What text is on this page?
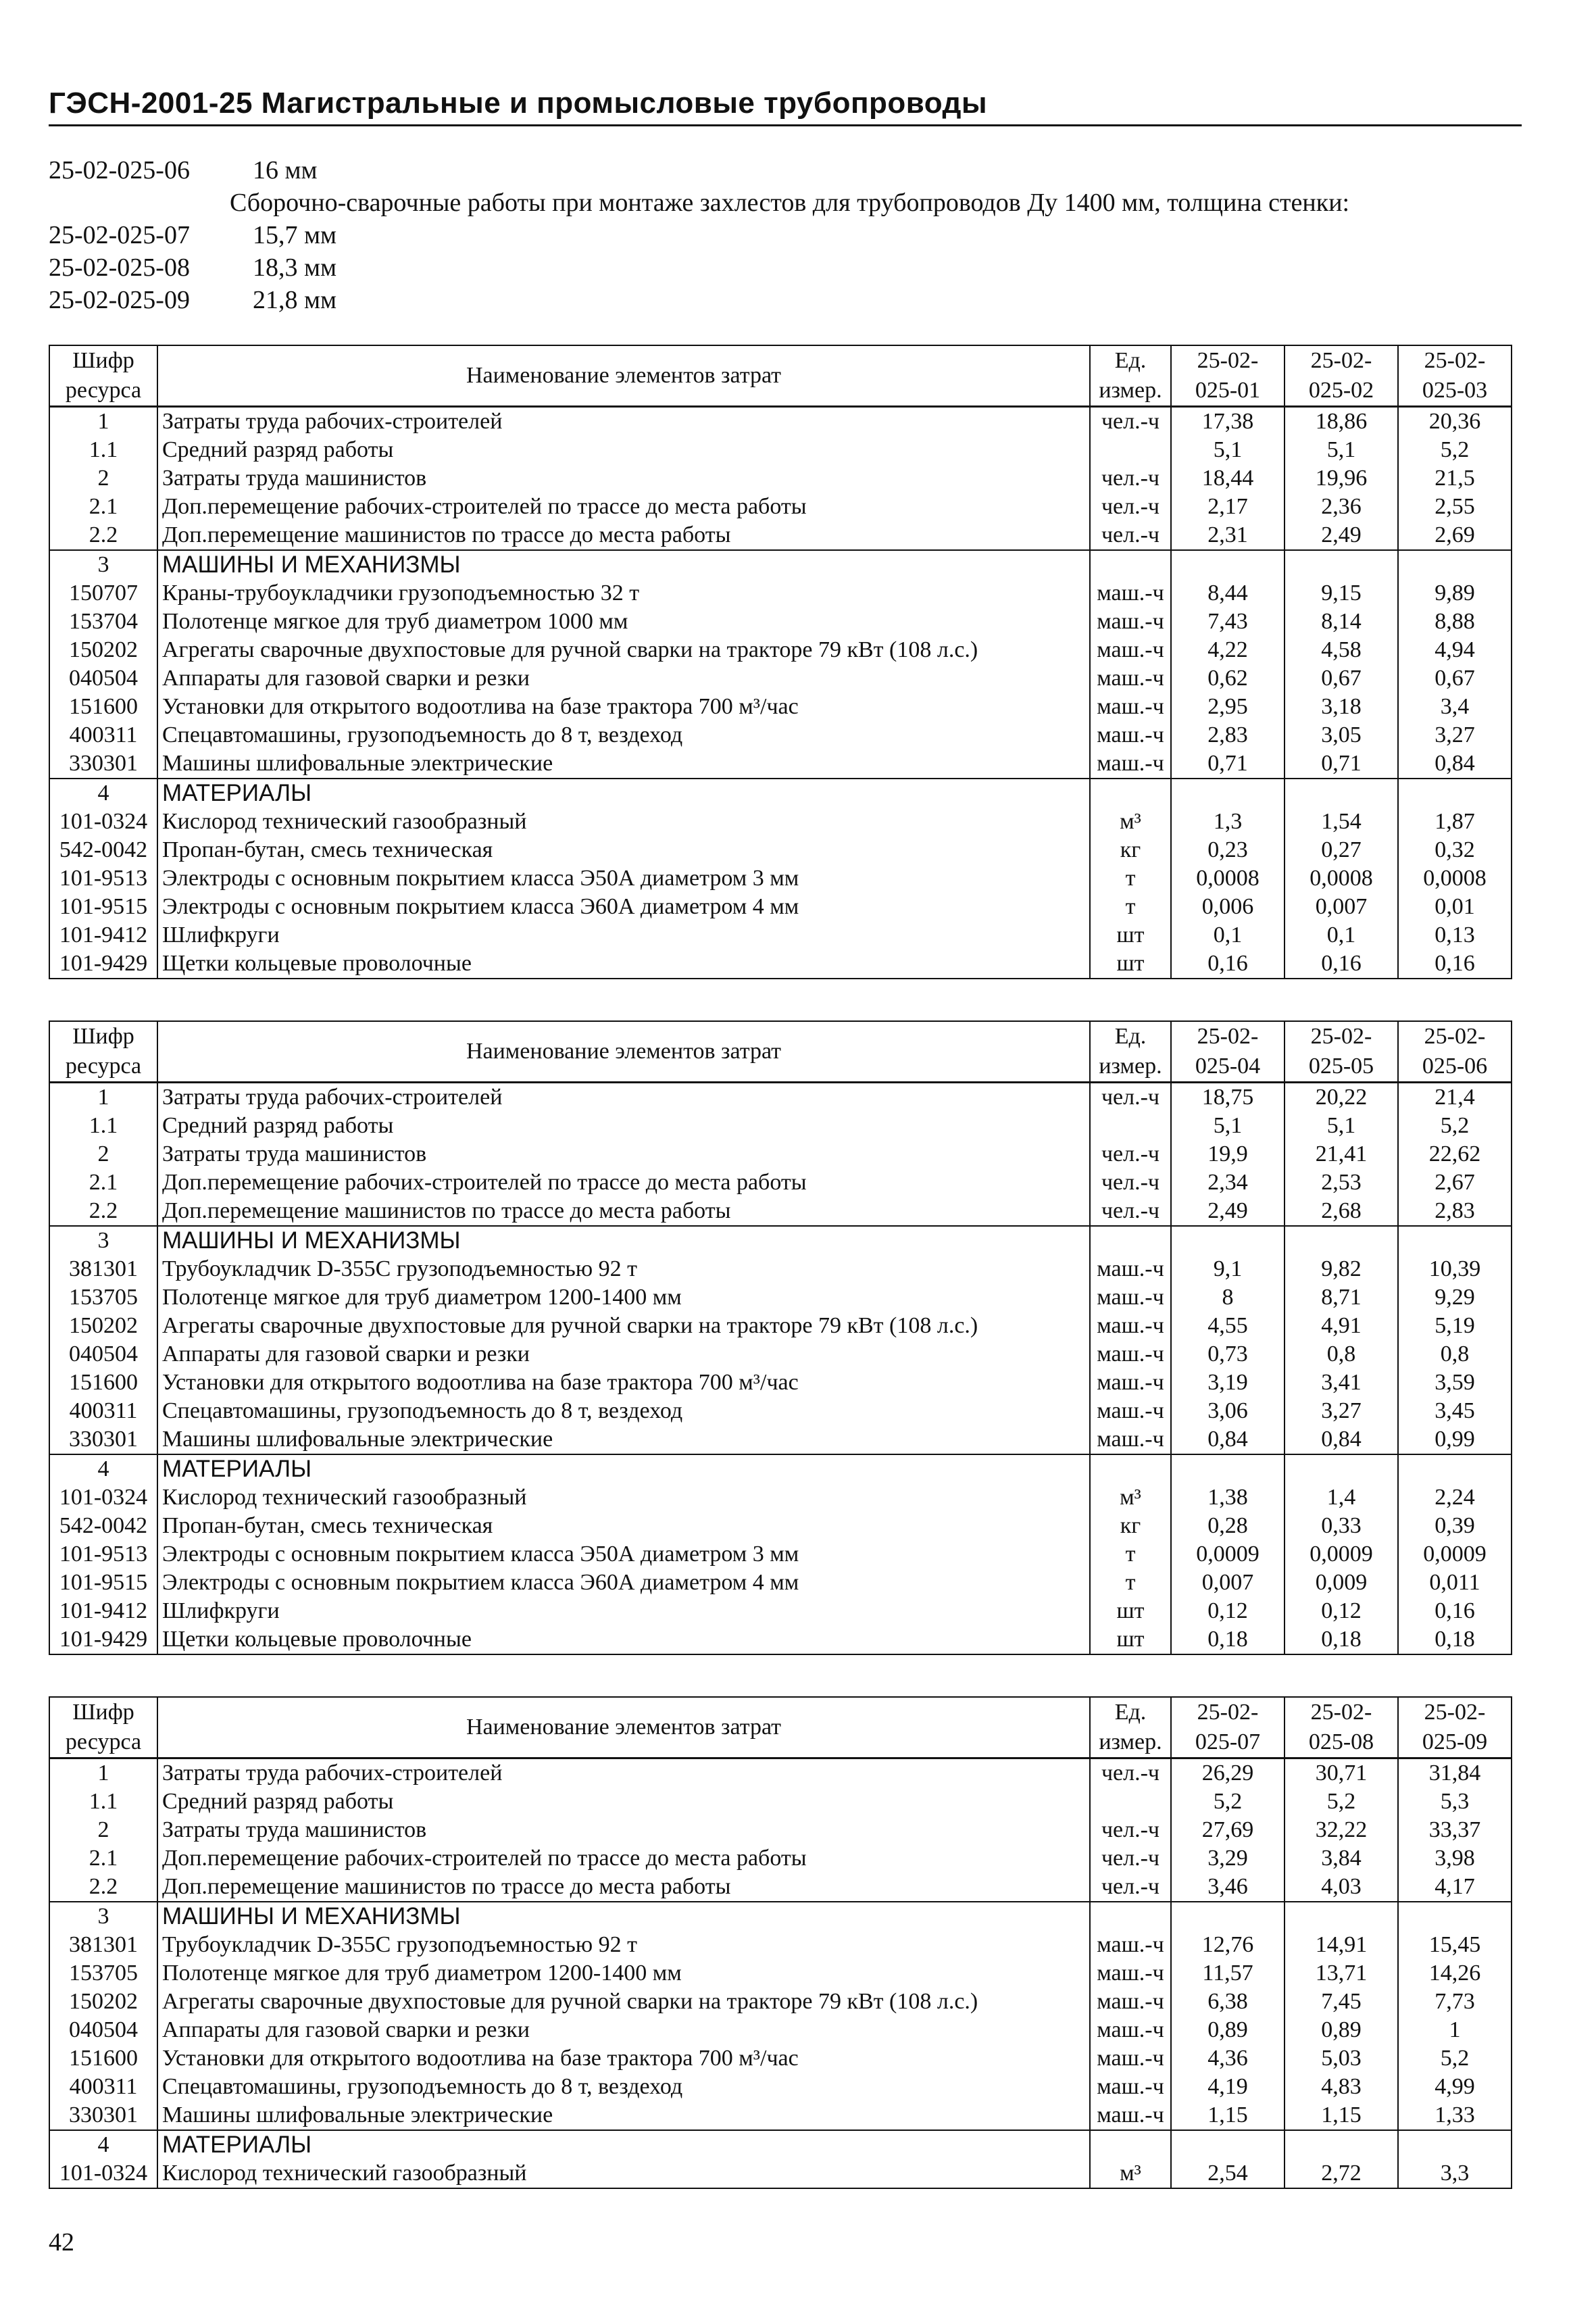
ГЭСН-2001-25 Магистральные и промысловые трубопроводы
25-02-025-06 16 мм
Сборочно-сварочные работы при монтаже захлестов для трубопроводов Ду 1400 мм, толщина стенки:
25-02-025-07 15,7 мм
25-02-025-08 18,3 мм
25-02-025-09 21,8 мм
Шифр	Наименование элементов затрат	Ед.	25-02-	25-02-	25-02-
ресурса		измер.	025-01	025-02	025-03
1	Затраты труда рабочих-строителей	чел.-ч	17,38	18,86	20,36
1.1	Средний разряд работы		5,1	5,1	5,2
2	Затраты труда машинистов	чел.-ч	18,44	19,96	21,5
2.1	Доп.перемещение рабочих-строителей по трассе до места работы	чел.-ч	2,17	2,36	2,55
2.2	Доп.перемещение машинистов по трассе до места работы	чел.-ч	2,31	2,49	2,69
3	МАШИНЫ И МЕХАНИЗМЫ				
150707	Краны-трубоукладчики грузоподъемностью 32 т	маш.-ч	8,44	9,15	9,89
153704	Полотенце мягкое для труб диаметром 1000 мм	маш.-ч	7,43	8,14	8,88
150202	Агрегаты сварочные двухпостовые для ручной сварки на тракторе 79 кВт (108 л.с.)	маш.-ч	4,22	4,58	4,94
040504	Аппараты для газовой сварки и резки	маш.-ч	0,62	0,67	0,67
151600	Установки для открытого водоотлива на базе трактора 700 м³/час	маш.-ч	2,95	3,18	3,4
400311	Спецавтомашины, грузоподъемность до 8 т, вездеход	маш.-ч	2,83	3,05	3,27
330301	Машины шлифовальные электрические	маш.-ч	0,71	0,71	0,84
4	МАТЕРИАЛЫ				
101-0324	Кислород технический газообразный	м³	1,3	1,54	1,87
542-0042	Пропан-бутан, смесь техническая	кг	0,23	0,27	0,32
101-9513	Электроды с основным покрытием класса Э50А диаметром 3 мм	т	0,0008	0,0008	0,0008
101-9515	Электроды с основным покрытием класса Э60А диаметром 4 мм	т	0,006	0,007	0,01
101-9412	Шлифкруги	шт	0,1	0,1	0,13
101-9429	Щетки кольцевые проволочные	шт	0,16	0,16	0,16
Шифр	Наименование элементов затрат	Ед.	25-02-	25-02-	25-02-
ресурса		измер.	025-04	025-05	025-06
1	Затраты труда рабочих-строителей	чел.-ч	18,75	20,22	21,4
1.1	Средний разряд работы		5,1	5,1	5,2
2	Затраты труда машинистов	чел.-ч	19,9	21,41	22,62
2.1	Доп.перемещение рабочих-строителей по трассе до места работы	чел.-ч	2,34	2,53	2,67
2.2	Доп.перемещение машинистов по трассе до места работы	чел.-ч	2,49	2,68	2,83
3	МАШИНЫ И МЕХАНИЗМЫ				
381301	Трубоукладчик D-355C грузоподъемностью 92 т	маш.-ч	9,1	9,82	10,39
153705	Полотенце мягкое для труб диаметром 1200-1400 мм	маш.-ч	8	8,71	9,29
150202	Агрегаты сварочные двухпостовые для ручной сварки на тракторе 79 кВт (108 л.с.)	маш.-ч	4,55	4,91	5,19
040504	Аппараты для газовой сварки и резки	маш.-ч	0,73	0,8	0,8
151600	Установки для открытого водоотлива на базе трактора 700 м³/час	маш.-ч	3,19	3,41	3,59
400311	Спецавтомашины, грузоподъемность до 8 т, вездеход	маш.-ч	3,06	3,27	3,45
330301	Машины шлифовальные электрические	маш.-ч	0,84	0,84	0,99
4	МАТЕРИАЛЫ				
101-0324	Кислород технический газообразный	м³	1,38	1,4	2,24
542-0042	Пропан-бутан, смесь техническая	кг	0,28	0,33	0,39
101-9513	Электроды с основным покрытием класса Э50А диаметром 3 мм	т	0,0009	0,0009	0,0009
101-9515	Электроды с основным покрытием класса Э60А диаметром 4 мм	т	0,007	0,009	0,011
101-9412	Шлифкруги	шт	0,12	0,12	0,16
101-9429	Щетки кольцевые проволочные	шт	0,18	0,18	0,18
Шифр	Наименование элементов затрат	Ед.	25-02-	25-02-	25-02-
ресурса		измер.	025-07	025-08	025-09
1	Затраты труда рабочих-строителей	чел.-ч	26,29	30,71	31,84
1.1	Средний разряд работы		5,2	5,2	5,3
2	Затраты труда машинистов	чел.-ч	27,69	32,22	33,37
2.1	Доп.перемещение рабочих-строителей по трассе до места работы	чел.-ч	3,29	3,84	3,98
2.2	Доп.перемещение машинистов по трассе до места работы	чел.-ч	3,46	4,03	4,17
3	МАШИНЫ И МЕХАНИЗМЫ				
381301	Трубоукладчик D-355C грузоподъемностью 92 т	маш.-ч	12,76	14,91	15,45
153705	Полотенце мягкое для труб диаметром 1200-1400 мм	маш.-ч	11,57	13,71	14,26
150202	Агрегаты сварочные двухпостовые для ручной сварки на тракторе 79 кВт (108 л.с.)	маш.-ч	6,38	7,45	7,73
040504	Аппараты для газовой сварки и резки	маш.-ч	0,89	0,89	1
151600	Установки для открытого водоотлива на базе трактора 700 м³/час	маш.-ч	4,36	5,03	5,2
400311	Спецавтомашины, грузоподъемность до 8 т, вездеход	маш.-ч	4,19	4,83	4,99
330301	Машины шлифовальные электрические	маш.-ч	1,15	1,15	1,33
4	МАТЕРИАЛЫ				
101-0324	Кислород технический газообразный	м³	2,54	2,72	3,3
42
